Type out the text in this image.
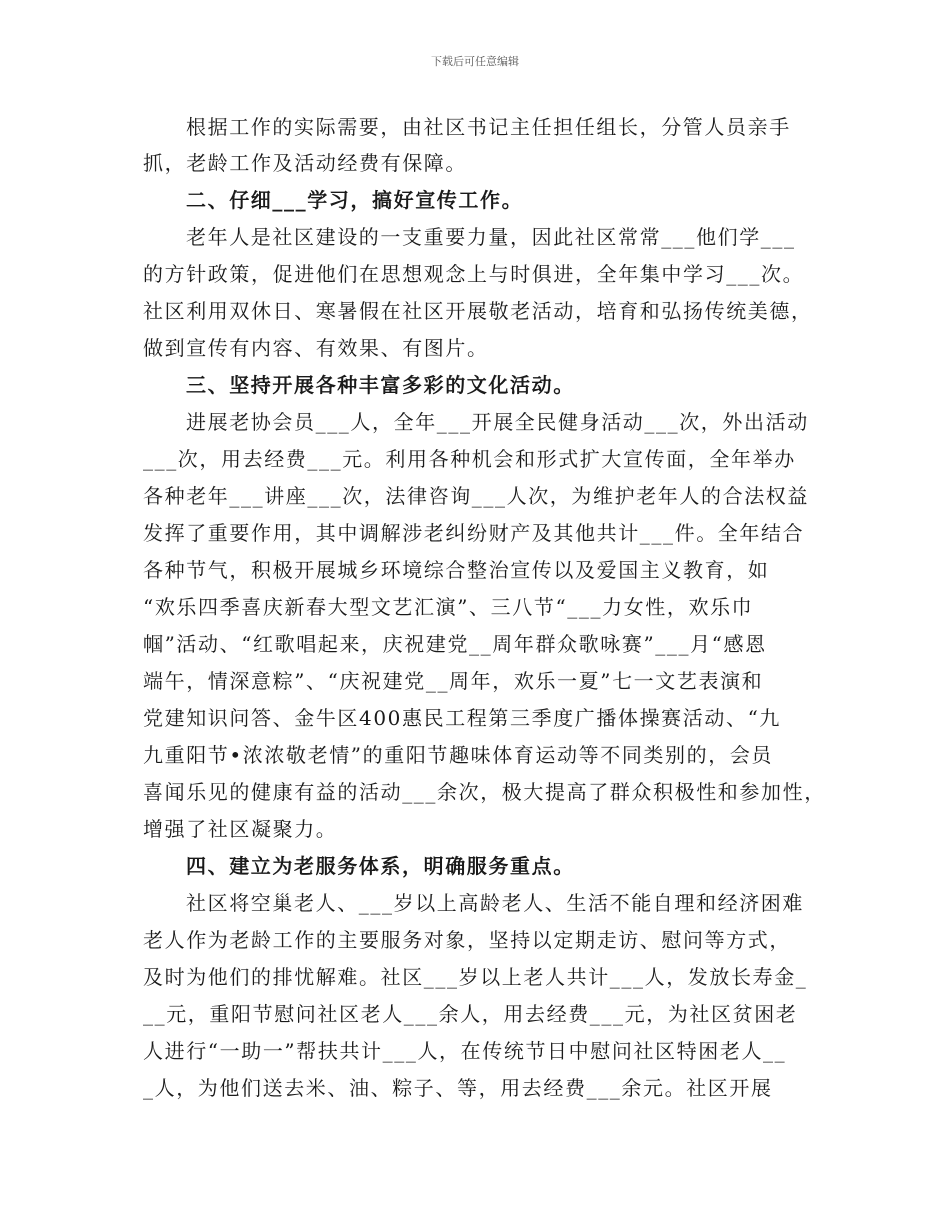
下载后可任意编辑
根据工作的实际需要，由社区书记主任担任组长，分管人员亲手
抓，老龄工作及活动经费有保障。
二、仔细___学习，搞好宣传工作。
老年人是社区建设的一支重要力量，因此社区常常___他们学___
的方针政策，促进他们在思想观念上与时俱进，全年集中学习___次。
社区利用双休日、寒暑假在社区开展敬老活动，培育和弘扬传统美德，
做到宣传有内容、有效果、有图片。
三、坚持开展各种丰富多彩的文化活动。
进展老协会员___人，全年___开展全民健身活动___次，外出活动
___次，用去经费___元。利用各种机会和形式扩大宣传面，全年举办
各种老年___讲座___次，法律咨询___人次，为维护老年人的合法权益
发挥了重要作用，其中调解涉老纠纷财产及其他共计___件。全年结合
各种节气，积极开展城乡环境综合整治宣传以及爱国主义教育，如
“欢乐四季喜庆新春大型文艺汇演”、三八节“___力女性，欢乐巾
帼”活动、“红歌唱起来，庆祝建党__周年群众歌咏赛”___月“感恩
端午，情深意粽”、“庆祝建党__周年，欢乐一夏”七一文艺表演和
党建知识问答、金牛区400惠民工程第三季度广播体操赛活动、“九
九重阳节•浓浓敬老情”的重阳节趣味体育运动等不同类别的，会员
喜闻乐见的健康有益的活动___余次，极大提高了群众积极性和参加性，
增强了社区凝聚力。
四、建立为老服务体系，明确服务重点。
社区将空巢老人、___岁以上高龄老人、生活不能自理和经济困难
老人作为老龄工作的主要服务对象，坚持以定期走访、慰问等方式，
及时为他们的排忧解难。社区___岁以上老人共计___人，发放长寿金_
__元，重阳节慰问社区老人___余人，用去经费___元，为社区贫困老
人进行“一助一”帮扶共计___人，在传统节日中慰问社区特困老人__
_人，为他们送去米、油、粽子、等，用去经费___余元。社区开展
